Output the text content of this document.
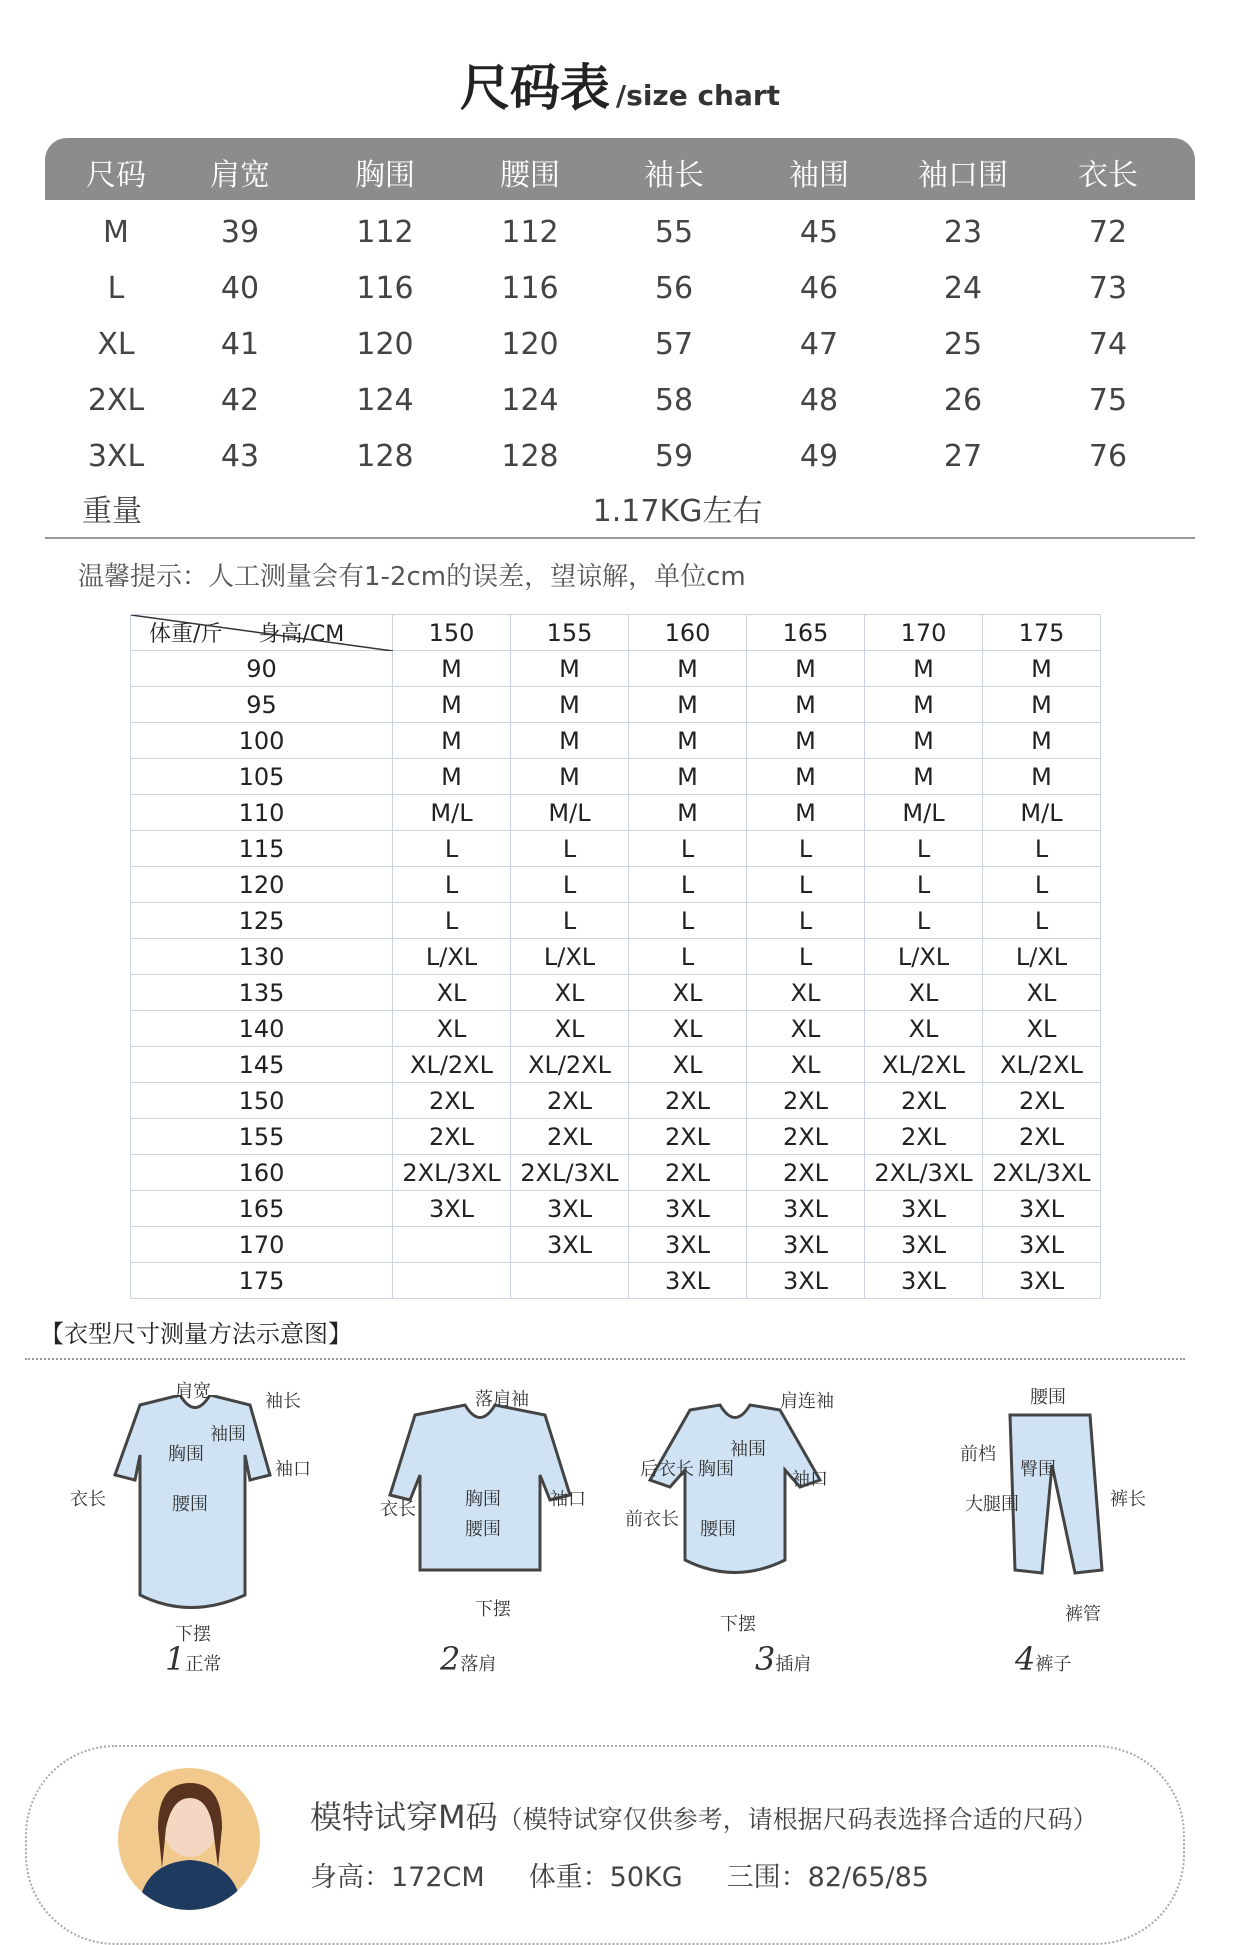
尺码表 /size chart
尺码	肩宽	胸围	腰围	袖长	袖围	袖口围	衣长
M	39	112	112	55	45	23	72
L	40	116	116	56	46	24	73
XL	41	120	120	57	47	25	74
2XL	42	124	124	58	48	26	75
3XL	43	128	128	59	49	27	76
重量	1.17KG左右
温馨提示：人工测量会有1-2cm的误差，望谅解，单位cm
体重/斤 身高/CM	150	155	160	165	170	175
90	M	M	M	M	M	M
95	M	M	M	M	M	M
100	M	M	M	M	M	M
105	M	M	M	M	M	M
110	M/L	M/L	M	M	M/L	M/L
115	L	L	L	L	L	L
120	L	L	L	L	L	L
125	L	L	L	L	L	L
130	L/XL	L/XL	L	L	L/XL	L/XL
135	XL	XL	XL	XL	XL	XL
140	XL	XL	XL	XL	XL	XL
145	XL/2XL	XL/2XL	XL	XL	XL/2XL	XL/2XL
150	2XL	2XL	2XL	2XL	2XL	2XL
155	2XL	2XL	2XL	2XL	2XL	2XL
160	2XL/3XL	2XL/3XL	2XL	2XL	2XL/3XL	2XL/3XL
165	3XL	3XL	3XL	3XL	3XL	3XL
170		3XL	3XL	3XL	3XL	3XL
175			3XL	3XL	3XL	3XL
【衣型尺寸测量方法示意图】
肩宽	袖长
袖围
胸围
袖口
腰围
衣长
下摆
1正常
落肩袖
胸围	袖口
腰围
衣长
下摆
2落肩
肩连袖
袖围
胸围	袖口
腰围
后衣长
前衣长
下摆
3插肩
腰围
前档
臀围
大腿围	裤长
裤管
4裤子
模特试穿M码（模特试穿仅供参考，请根据尺码表选择合适的尺码）
身高：172CM 体重：50KG 三围：82/65/85
